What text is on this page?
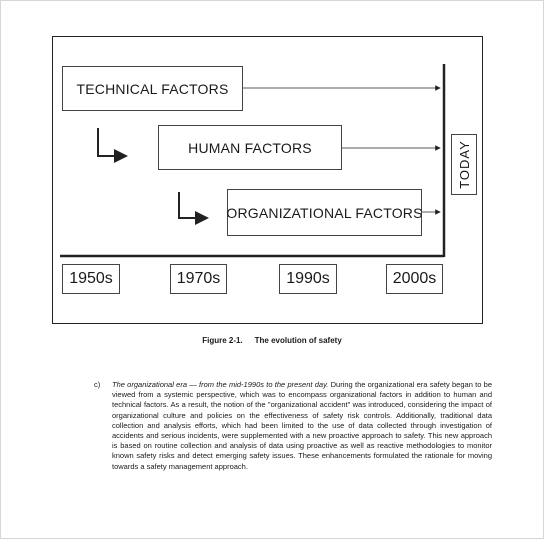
TECHNICAL FACTORS
HUMAN FACTORS
ORGANIZATIONAL FACTORS
TODAY
1950s	1970s	1990s	2000s
Figure 2-1. The evolution of safety
c) The organizational era — from the mid-1990s to the present day. During the organizational era safety began to be viewed from a systemic perspective, which was to encompass organizational factors in addition to human and technical factors. As a result, the notion of the "organizational accident" was introduced, considering the impact of organizational culture and policies on the effectiveness of safety risk controls. Additionally, traditional data collection and analysis efforts, which had been limited to the use of data collected through investigation of accidents and serious incidents, were supplemented with a new proactive approach to safety. This new approach is based on routine collection and analysis of data using proactive as well as reactive methodologies to monitor known safety risks and detect emerging safety issues. These enhancements formulated the rationale for moving towards a safety management approach.
